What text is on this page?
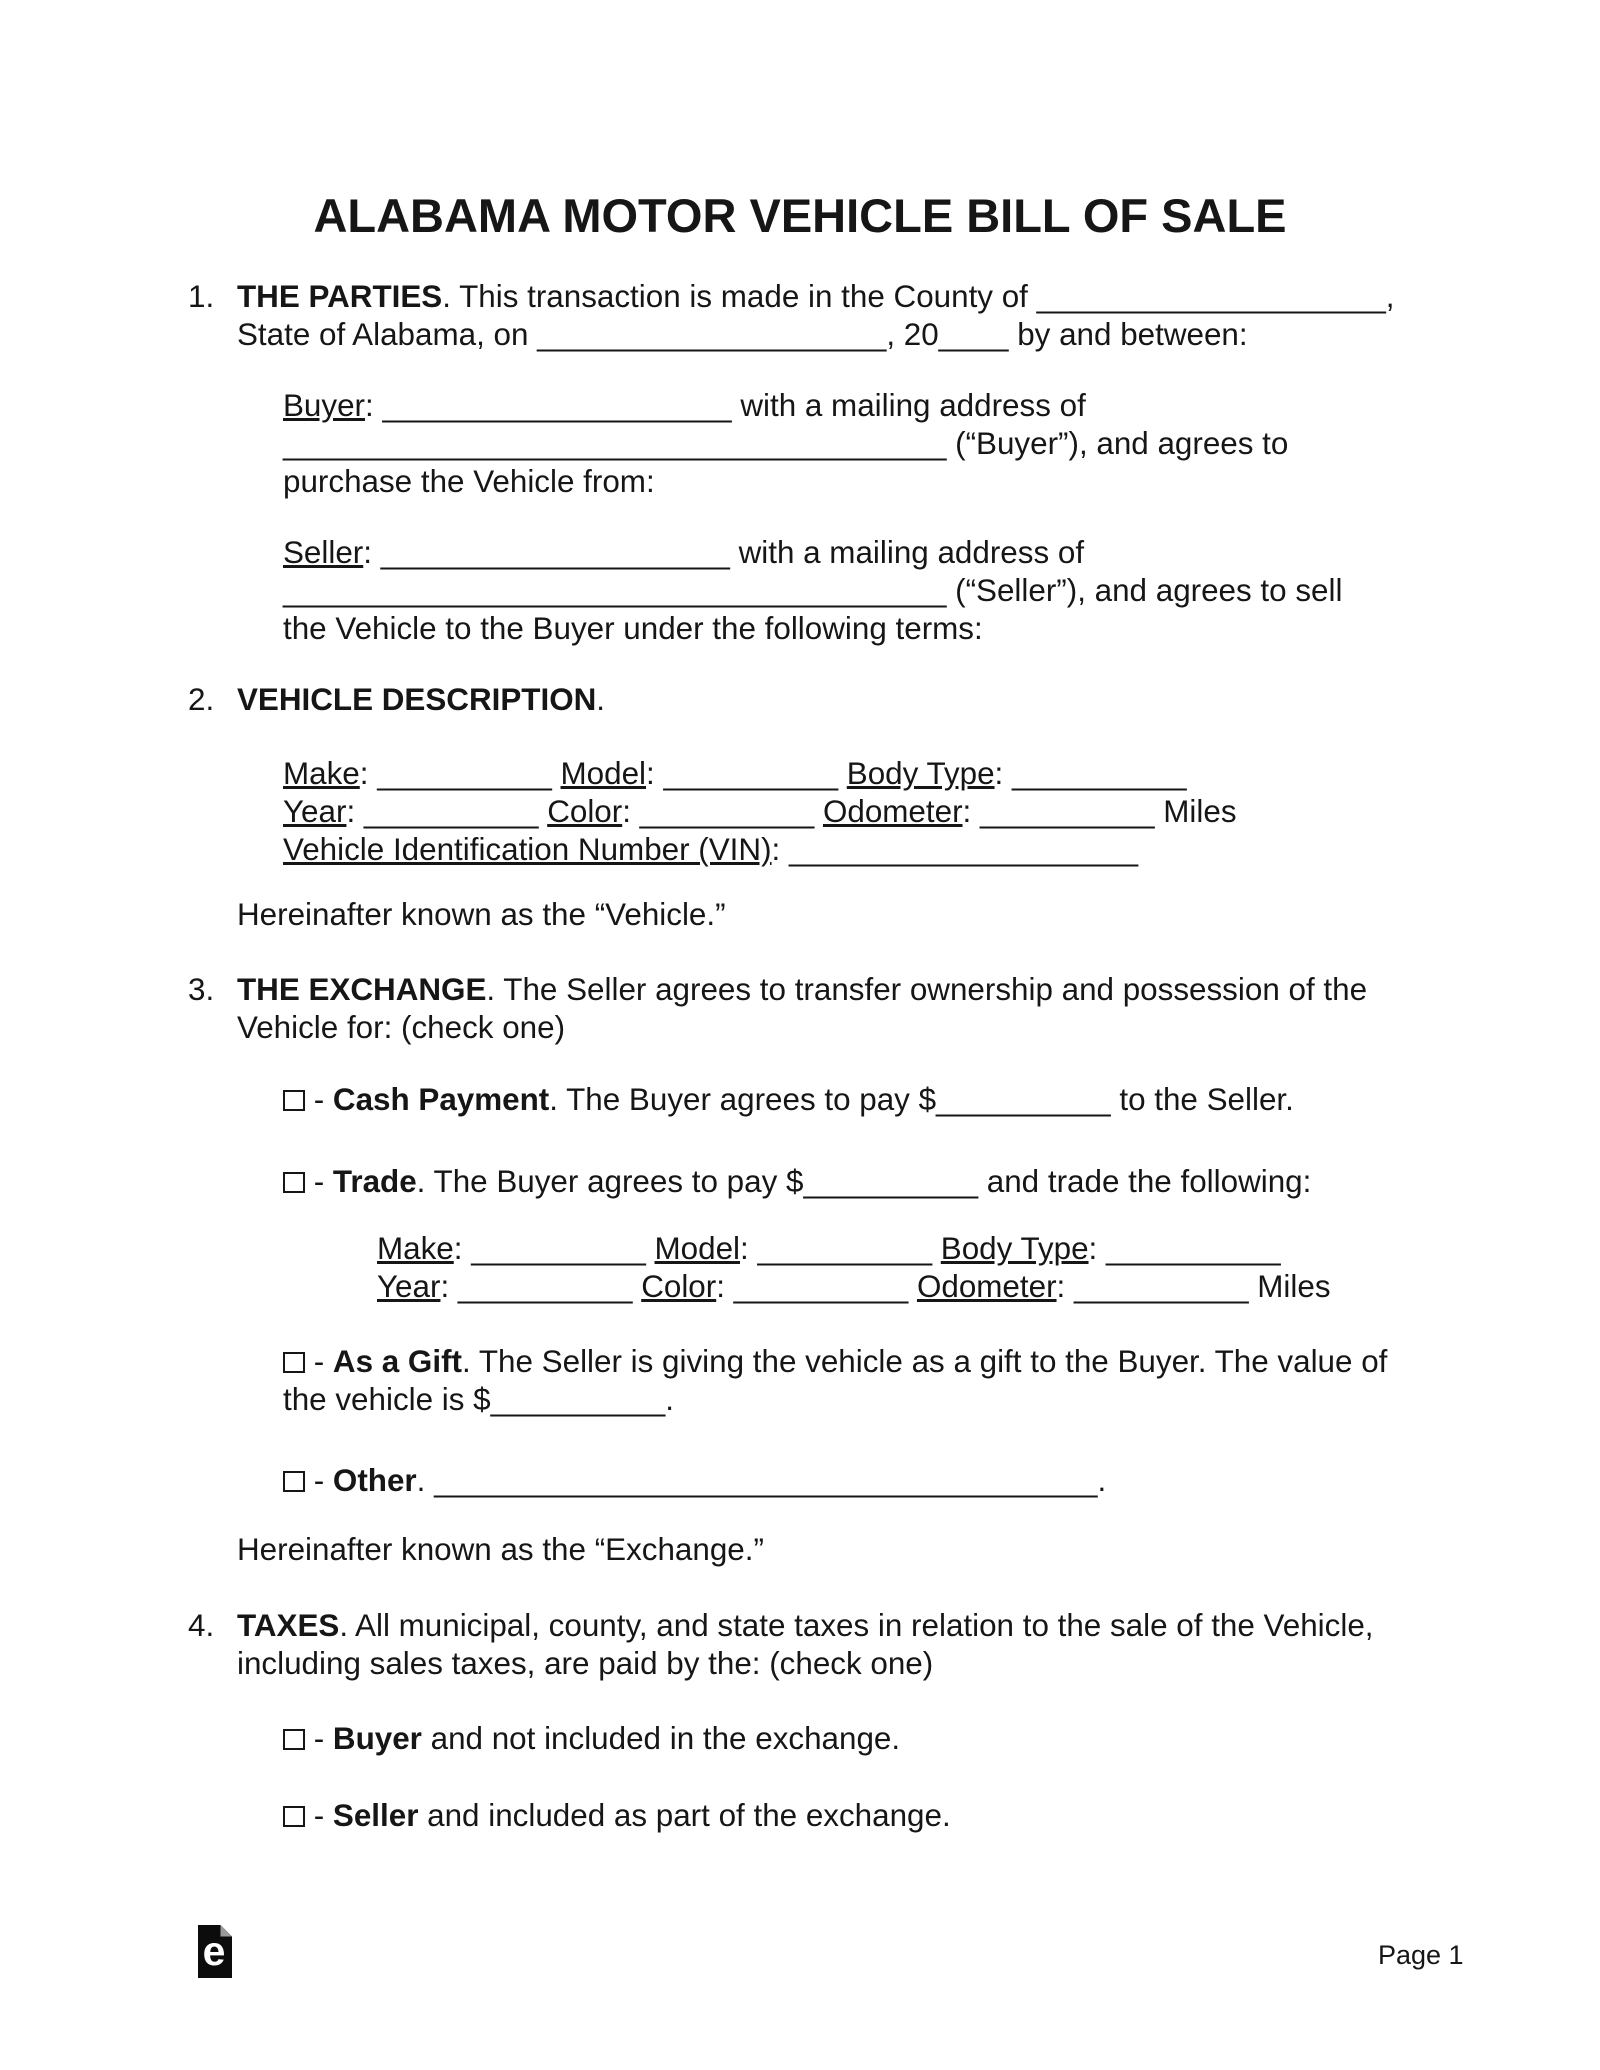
ALABAMA MOTOR VEHICLE BILL OF SALE
1. THE PARTIES. This transaction is made in the County of ____________________,
State of Alabama, on ____________________, 20____ by and between:
Buyer: ____________________ with a mailing address of
______________________________________ (“Buyer”), and agrees to
purchase the Vehicle from:
Seller: ____________________ with a mailing address of
______________________________________ (“Seller”), and agrees to sell
the Vehicle to the Buyer under the following terms:
2. VEHICLE DESCRIPTION.
Make: __________ Model: __________ Body Type: __________
Year: __________ Color: __________ Odometer: __________ Miles
Vehicle Identification Number (VIN): ____________________
Hereinafter known as the “Vehicle.”
3. THE EXCHANGE. The Seller agrees to transfer ownership and possession of the
Vehicle for: (check one)
- Cash Payment. The Buyer agrees to pay $__________ to the Seller.
- Trade. The Buyer agrees to pay $__________ and trade the following:
Make: __________ Model: __________ Body Type: __________
Year: __________ Color: __________ Odometer: __________ Miles
- As a Gift. The Seller is giving the vehicle as a gift to the Buyer. The value of
the vehicle is $__________.
- Other. ______________________________________.
Hereinafter known as the “Exchange.”
4. TAXES. All municipal, county, and state taxes in relation to the sale of the Vehicle,
including sales taxes, are paid by the: (check one)
- Buyer and not included in the exchange.
- Seller and included as part of the exchange.
e	Page 1
